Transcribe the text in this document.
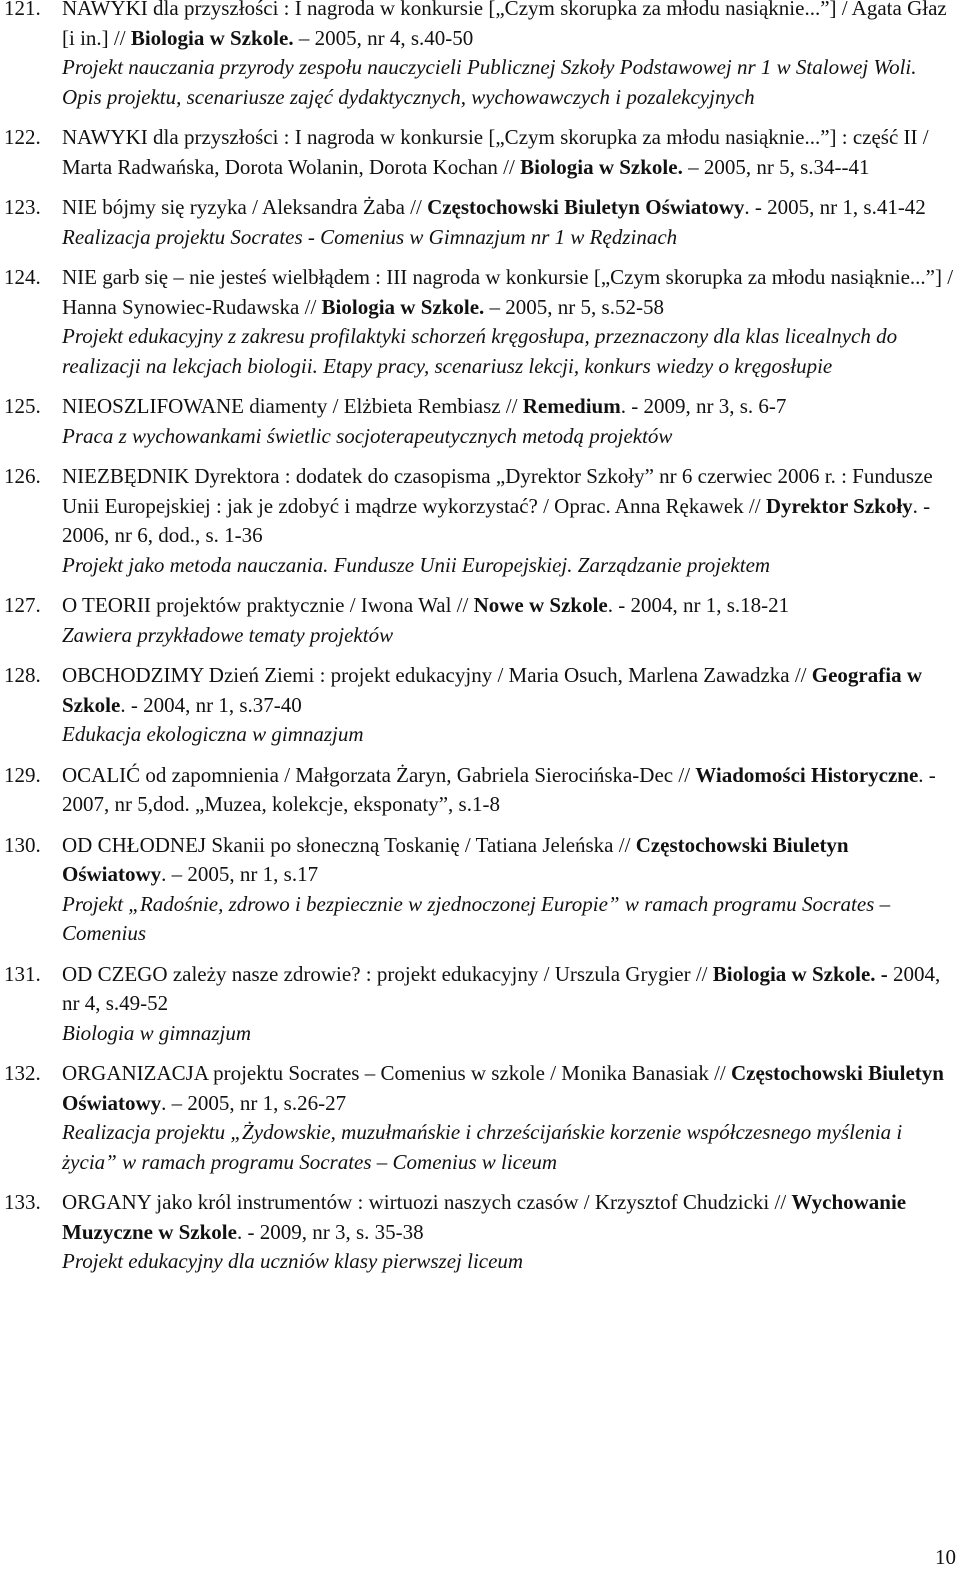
121. NAWYKI dla przyszłości : I nagroda w konkursie [„Czym skorupka za młodu nasiąknie...”] / Agata Głaz [i in.] // Biologia w Szkole. – 2005, nr 4, s.40-50
Projekt nauczania przyrody zespołu nauczycieli Publicznej Szkoły Podstawowej nr 1 w Stalowej Woli. Opis projektu, scenariusze zajęć dydaktycznych, wychowawczych i pozalekcyjnych
122. NAWYKI dla przyszłości : I nagroda w konkursie [„Czym skorupka za młodu nasiąknie...”] : część II / Marta Radwańska, Dorota Wolanin, Dorota Kochan // Biologia w Szkole. – 2005, nr 5, s.34--41
123. NIE bójmy się ryzyka / Aleksandra Żaba // Częstochowski Biuletyn Oświatowy. - 2005, nr 1, s.41-42
Realizacja projektu Socrates - Comenius w Gimnazjum nr 1 w Rędzinach
124. NIE garb się – nie jesteś wielbłądem : III nagroda w konkursie [„Czym skorupka za młodu nasiąknie...”] / Hanna Synowiec-Rudawska // Biologia w Szkole. – 2005, nr 5, s.52-58
Projekt edukacyjny z zakresu profilaktyki schorzeń kręgosłupa, przeznaczony dla klas licealnych do realizacji na lekcjach biologii. Etapy pracy, scenariusz lekcji, konkurs wiedzy o kręgosłupie
125. NIEOSZLIFOWANE diamenty / Elżbieta Rembiasz // Remedium. - 2009, nr 3, s. 6-7
Praca z wychowankami świetlic socjoterapeutycznych metodą projektów
126. NIEZBĘDNIK Dyrektora : dodatek do czasopisma „Dyrektor Szkoły” nr 6 czerwiec 2006 r. : Fundusze Unii Europejskiej : jak je zdobyć i mądrze wykorzystać? / Oprac. Anna Rękawek // Dyrektor Szkoły. - 2006, nr 6, dod., s. 1-36
Projekt jako metoda nauczania. Fundusze Unii Europejskiej. Zarządzanie projektem
127. O TEORII projektów praktycznie / Iwona Wal // Nowe w Szkole. - 2004, nr 1, s.18-21
Zawiera przykładowe tematy projektów
128. OBCHODZIMY Dzień Ziemi : projekt edukacyjny / Maria Osuch, Marlena Zawadzka // Geografia w Szkole. - 2004, nr 1, s.37-40
Edukacja ekologiczna w gimnazjum
129. OCALIĆ od zapomnienia / Małgorzata Żaryn, Gabriela Sierocińska-Dec // Wiadomości Historyczne. - 2007, nr 5,dod. „Muzea, kolekcje, eksponaty”, s.1-8
130. OD CHŁODNEJ Skanii po słoneczną Toskanię / Tatiana Jeleńska // Częstochowski Biuletyn Oświatowy. – 2005, nr 1, s.17
Projekt „Radośnie, zdrowo i bezpiecznie w zjednoczonej Europie” w ramach programu Socrates – Comenius
131. OD CZEGO zależy nasze zdrowie? : projekt edukacyjny / Urszula Grygier // Biologia w Szkole. - 2004, nr 4, s.49-52
Biologia w gimnazjum
132. ORGANIZACJA projektu Socrates – Comenius w szkole / Monika Banasiak // Częstochowski Biuletyn Oświatowy. – 2005, nr 1, s.26-27
Realizacja projektu „Żydowskie, muzułmańskie i chrześcijańskie korzenie współczesnego myślenia i życia” w ramach programu Socrates – Comenius w liceum
133. ORGANY jako król instrumentów : wirtuozi naszych czasów / Krzysztof Chudzicki // Wychowanie Muzyczne w Szkole. - 2009, nr 3, s. 35-38
Projekt edukacyjny dla uczniów klasy pierwszej liceum
10
